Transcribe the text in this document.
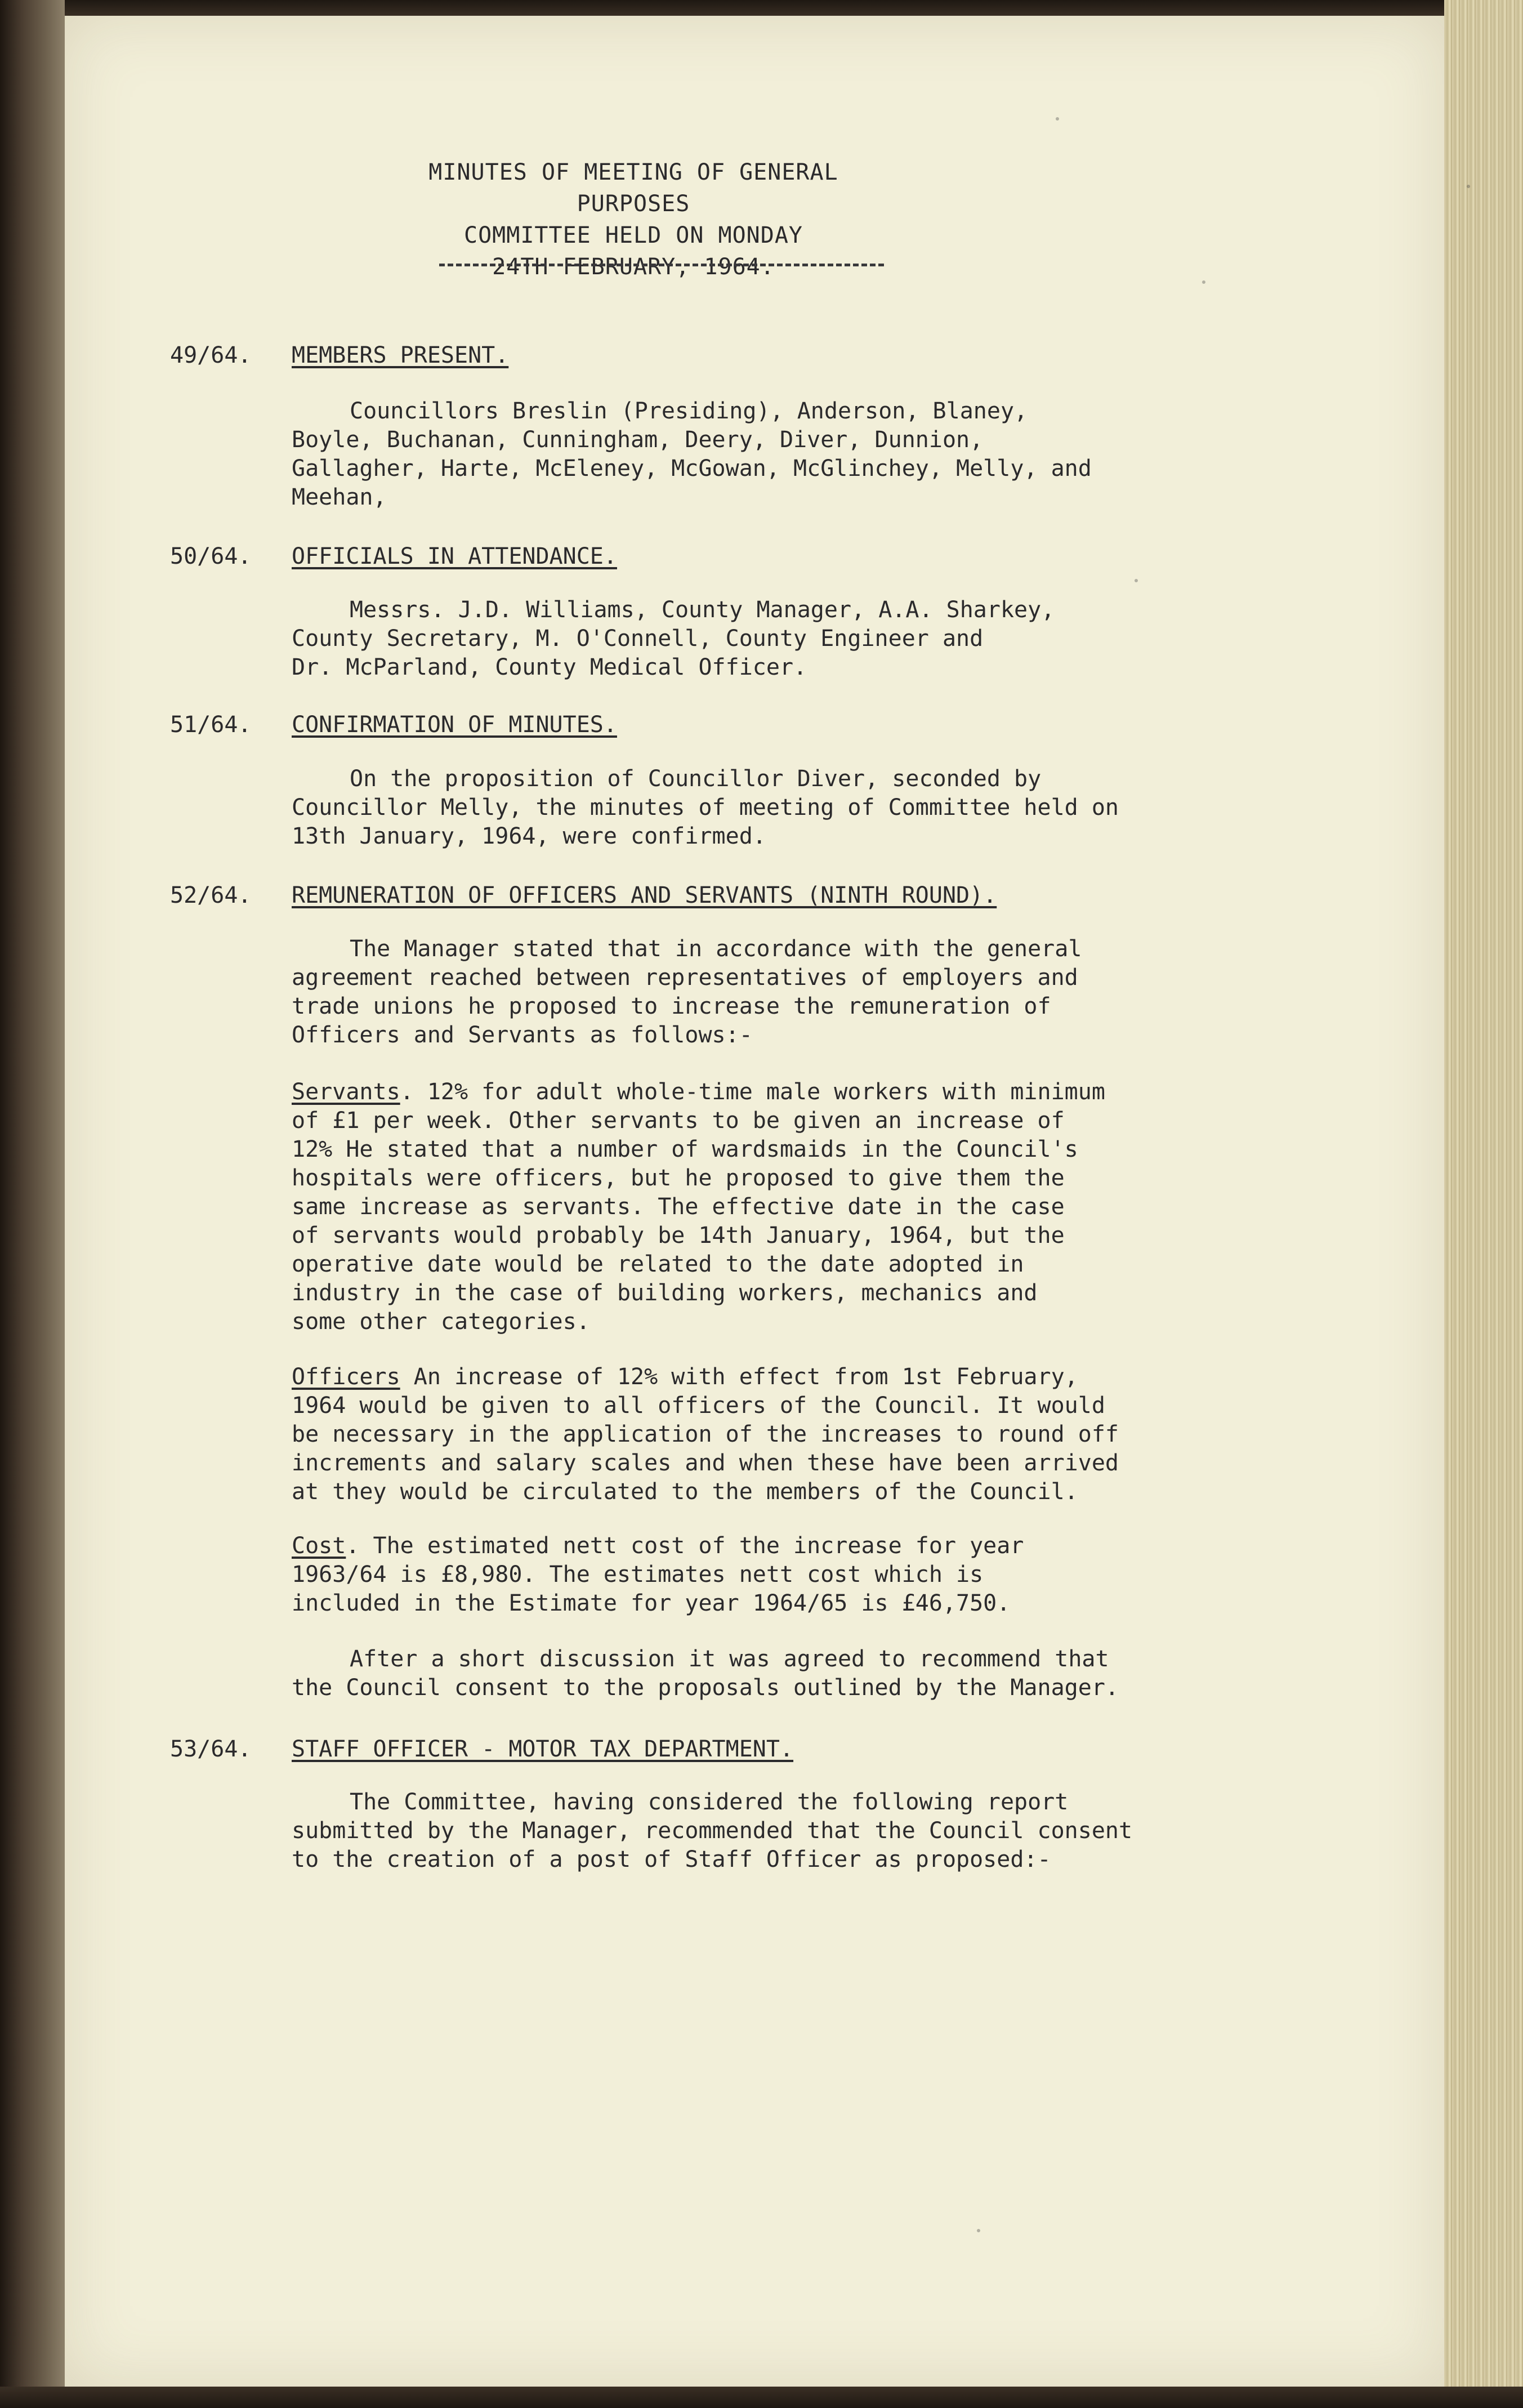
MINUTES OF MEETING OF GENERAL PURPOSES
COMMITTEE HELD ON MONDAY
24TH FEBRUARY, 1964.
49/64. MEMBERS PRESENT.
Councillors Breslin (Presiding), Anderson, Blaney,
Boyle, Buchanan, Cunningham, Deery, Diver, Dunnion,
Gallagher, Harte, McEleney, McGowan, McGlinchey, Melly, and
Meehan,
50/64. OFFICIALS IN ATTENDANCE.
Messrs. J.D. Williams, County Manager, A.A. Sharkey,
County Secretary, M. O'Connell, County Engineer and
Dr. McParland, County Medical Officer.
51/64. CONFIRMATION OF MINUTES.
On the proposition of Councillor Diver, seconded by
Councillor Melly, the minutes of meeting of Committee held on
13th January, 1964, were confirmed.
52/64. REMUNERATION OF OFFICERS AND SERVANTS (NINTH ROUND).
The Manager stated that in accordance with the general
agreement reached between representatives of employers and
trade unions he proposed to increase the remuneration of
Officers and Servants as follows:-
Servants. 12% for adult whole-time male workers with minimum
of £1 per week. Other servants to be given an increase of
12% He stated that a number of wardsmaids in the Council's
hospitals were officers, but he proposed to give them the
same increase as servants. The effective date in the case
of servants would probably be 14th January, 1964, but the
operative date would be related to the date adopted in
industry in the case of building workers, mechanics and
some other categories.
Officers An increase of 12% with effect from 1st February,
1964 would be given to all officers of the Council. It would
be necessary in the application of the increases to round off
increments and salary scales and when these have been arrived
at they would be circulated to the members of the Council.
Cost. The estimated nett cost of the increase for year
1963/64 is £8,980. The estimates nett cost which is
included in the Estimate for year 1964/65 is £46,750.
After a short discussion it was agreed to recommend that
the Council consent to the proposals outlined by the Manager.
53/64. STAFF OFFICER - MOTOR TAX DEPARTMENT.
The Committee, having considered the following report
submitted by the Manager, recommended that the Council consent
to the creation of a post of Staff Officer as proposed:-
